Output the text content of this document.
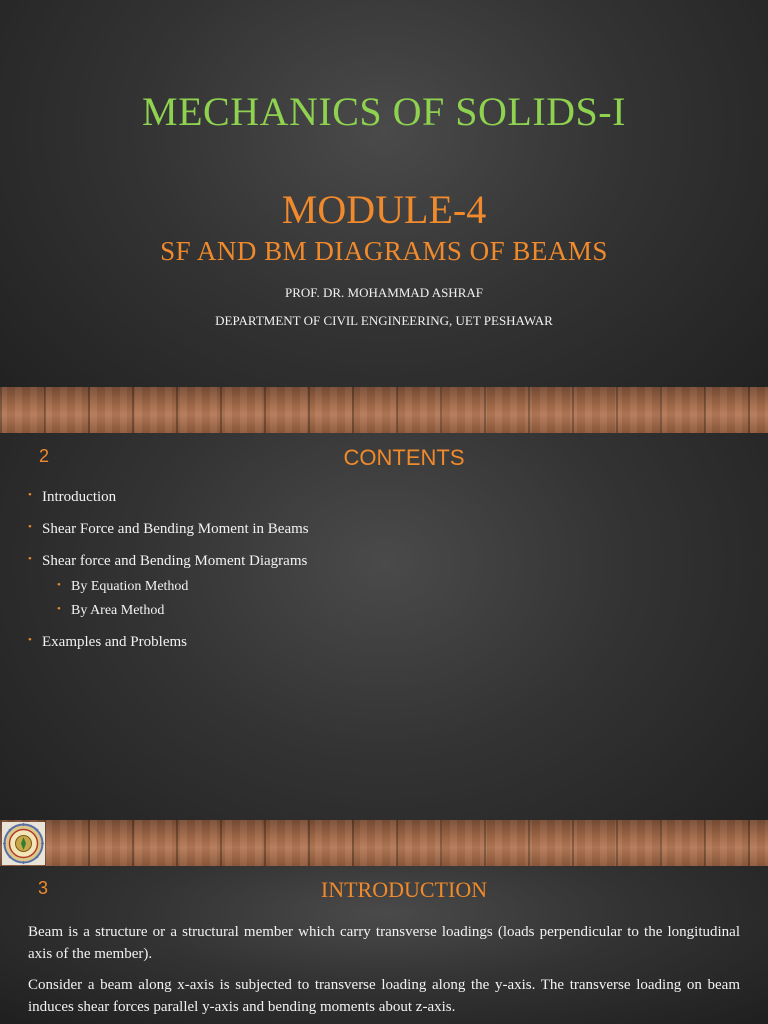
MECHANICS OF SOLIDS-I
MODULE-4
SF AND BM DIAGRAMS OF BEAMS
PROF. DR. MOHAMMAD ASHRAF
DEPARTMENT OF CIVIL ENGINEERING, UET PESHAWAR
2	CONTENTS
• Introduction
• Shear Force and Bending Moment in Beams
• Shear force and Bending Moment Diagrams
• By Equation Method
• By Area Method
• Examples and Problems
3	INTRODUCTION

Beam is a structure or a structural member which carry transverse loadings (loads perpendicular to the longitudinal axis of the member).

Consider a beam along x-axis is subjected to transverse loading along the y-axis. The transverse loading on beam induces shear forces parallel y-axis and bending moments about z-axis.
